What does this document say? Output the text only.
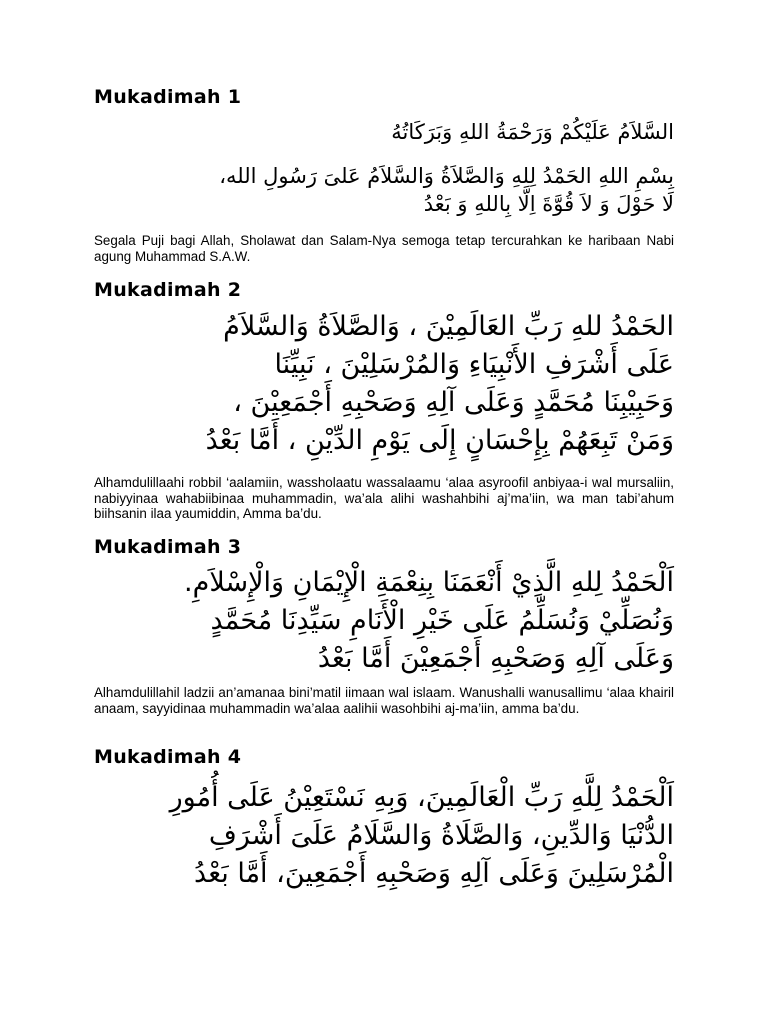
Mukadimah 1
السَّلاَمُ عَلَيْكُمْ وَرَحْمَةُ اللهِ وَبَرَكَاتُهُ
بِسْمِ اللهِ الحَمْدُ لِلهِ وَالصَّلاَةُ وَالسَّلاَمُ عَلىَ رَسُولِ الله،
لَا حَوْلَ وَ لاَ قُوَّةَ اِلَّا بِاللهِ وَ بَعْدُ

Segala Puji bagi Allah, Sholawat dan Salam-Nya semoga tetap tercurahkan ke haribaan Nabi agung Muhammad S.A.W.

Mukadimah 2
الحَمْدُ للهِ رَبِّ العَالَمِيْنَ ، وَالصَّلاَةُ وَالسَّلاَمُ
عَلَى أَشْرَفِ الأَنْبِيَاءِ وَالمُرْسَلِيْنَ ، نَبِيِّنَا
وَحَبِيْبِنَا مُحَمَّدٍ وَعَلَى آلِهِ وَصَحْبِهِ أَجْمَعِيْنَ ،
وَمَنْ تَبِعَهُمْ بِإِحْسَانٍ إِلَى يَوْمِ الدِّيْنِ ، أَمَّا بَعْدُ

Alhamdulillaahi robbil ‘aalamiin, wassholaatu wassalaamu ‘alaa asyroofil anbiyaa-i wal mursaliin, nabiyyinaa wahabiibinaa muhammadin, wa’ala alihi washahbihi aj’ma’iin, wa man tabi’ahum biihsanin ilaa yaumiddin, Amma ba’du.

Mukadimah 3
اَلْحَمْدُ لِلهِ الَّذِيْ أَنْعَمَنَا بِنِعْمَةِ الْإِيْمَانِ وَالْإِسْلاَمِ.
وَنُصَلِّيْ وَنُسَلِّمُ عَلَى خَيْرِ الْأَنَامِ سَيِّدِنَا مُحَمَّدٍ
وَعَلَى آلِهِ وَصَحْبِهِ أَجْمَعِيْنَ أَمَّا بَعْدُ

Alhamdulillahil ladzii an’amanaa bini’matil iimaan wal islaam. Wanushalli wanusallimu ‘alaa khairil anaam, sayyidinaa muhammadin wa’alaa aalihii wasohbihi aj-ma’iin, amma ba’du.

Mukadimah 4
اَلْحَمْدُ لِلَّهِ رَبِّ الْعَالَمِينَ، وَبِهِ نَسْتَعِيْنُ عَلَى أُمُورِ
الدُّنْيَا وَالدِّينِ، وَالصَّلَاةُ وَالسَّلَامُ عَلَىَ أَشْرَفِ
الْمُرْسَلِينَ وَعَلَى آلِهِ وَصَحْبِهِ أَجْمَعِينَ، أَمَّا بَعْدُ
